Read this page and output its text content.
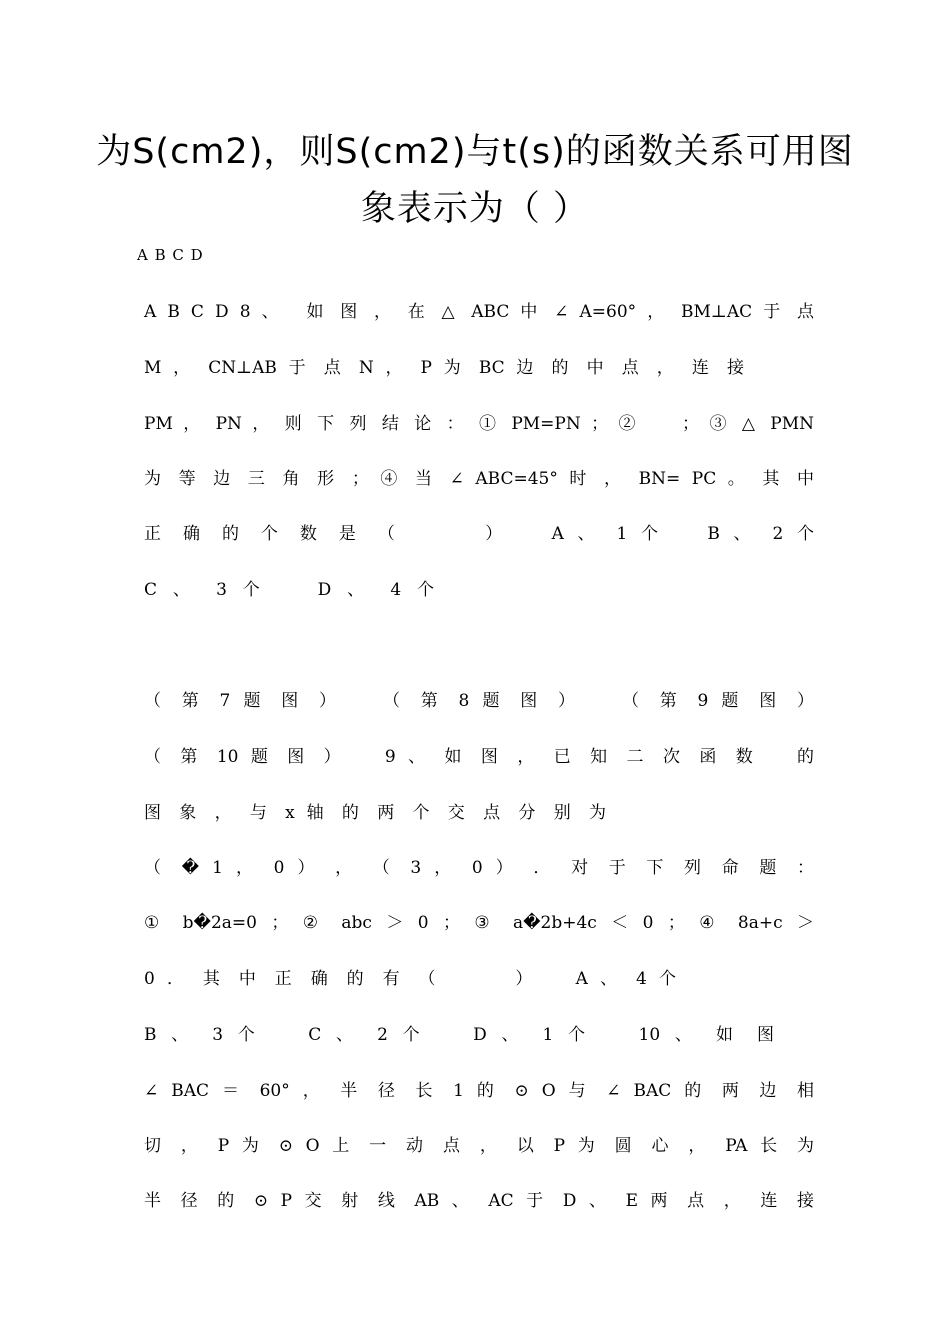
为S(cm2)，则S(cm2)与t(s)的函数关系可用图
象表示为（ ）
A B C D
A B C D 8 、  如 图 ， 在 △ ABC 中 ∠ A=60° ， BM⊥AC 于 点
M ， CN⊥AB 于 点 N ， P 为 BC 边 的 中 点 ， 连 接
PM ， PN ， 则 下 列 结 论 ： ① PM=PN ； ②    ； ③ △ PMN
为 等 边 三 角 形 ； ④ 当 ∠ ABC=45° 时 ， BN= PC 。 其 中
正 确 的 个 数 是 （      ）   A 、 1 个   B 、 2 个
C 、 3 个   D 、 4 个
（ 第 7 题 图 ）   （ 第 8 题 图 ）   （ 第 9 题 图 ）
（ 第 10 题 图 ）   9 、 如 图 ， 已 知 二 次 函 数   的
图 象 ， 与 x 轴 的 两 个 交 点 分 别 为
（ � 1 ， 0 ） ， （ 3 ， 0 ） ． 对 于 下 列 命 题 ：
① b�2a=0 ； ② abc ＞ 0 ； ③ a�2b+4c ＜ 0 ； ④ 8a+c ＞
0 ． 其 中 正 确 的 有 （      ）   A 、 4 个
B 、 3 个   C 、 2 个   D 、 1 个   10 、 如 图
∠ BAC ＝ 60° ， 半 径 长 1 的 ⊙ O 与 ∠ BAC 的 两 边 相
切 ， P 为 ⊙ O 上 一 动 点 ， 以 P 为 圆 心 ， PA 长 为
半 径 的 ⊙ P 交 射 线 AB 、 AC 于 D 、 E 两 点 ， 连 接
